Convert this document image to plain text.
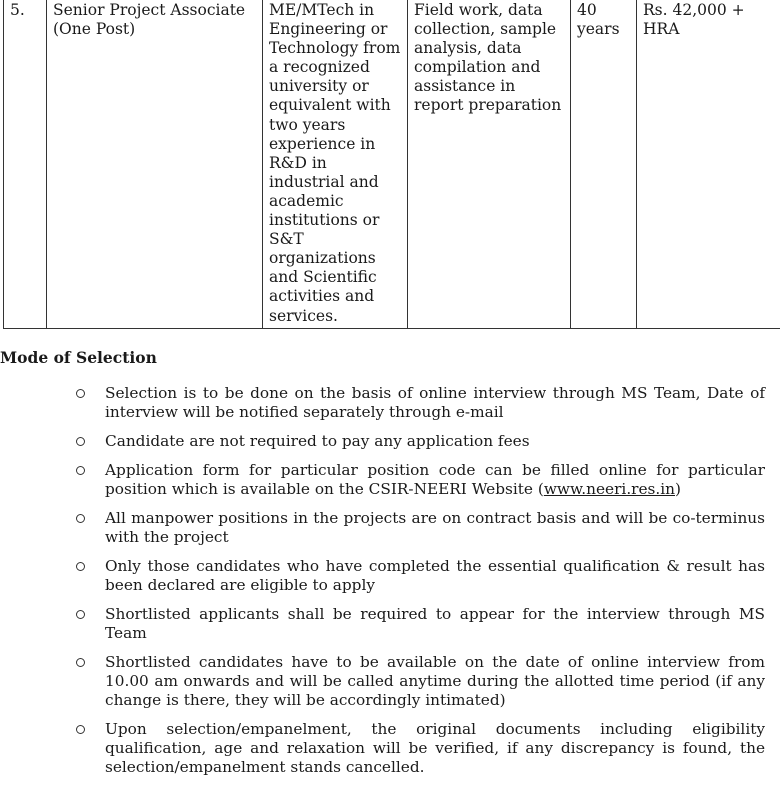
5.	Senior Project Associate (One Post)	ME/MTech in Engineering or Technology from a recognized university or equivalent with two years experience in R&D in industrial and academic institutions or S&T organizations and Scientific activities and services.	Field work, data collection, sample analysis, data compilation and assistance in report preparation	40 years	Rs. 42,000 + HRA
Mode of Selection
Selection is to be done on the basis of online interview through MS Team, Date of interview will be notified separately through e-mail
Candidate are not required to pay any application fees
Application form for particular position code can be filled online for particular position which is available on the CSIR-NEERI Website (www.neeri.res.in)
All manpower positions in the projects are on contract basis and will be co-terminus with the project
Only those candidates who have completed the essential qualification & result has been declared are eligible to apply
Shortlisted applicants shall be required to appear for the interview through MS Team
Shortlisted candidates have to be available on the date of online interview from 10.00 am onwards and will be called anytime during the allotted time period (if any change is there, they will be accordingly intimated)
Upon selection/empanelment, the original documents including eligibility qualification, age and relaxation will be verified, if any discrepancy is found, the selection/empanelment stands cancelled.
